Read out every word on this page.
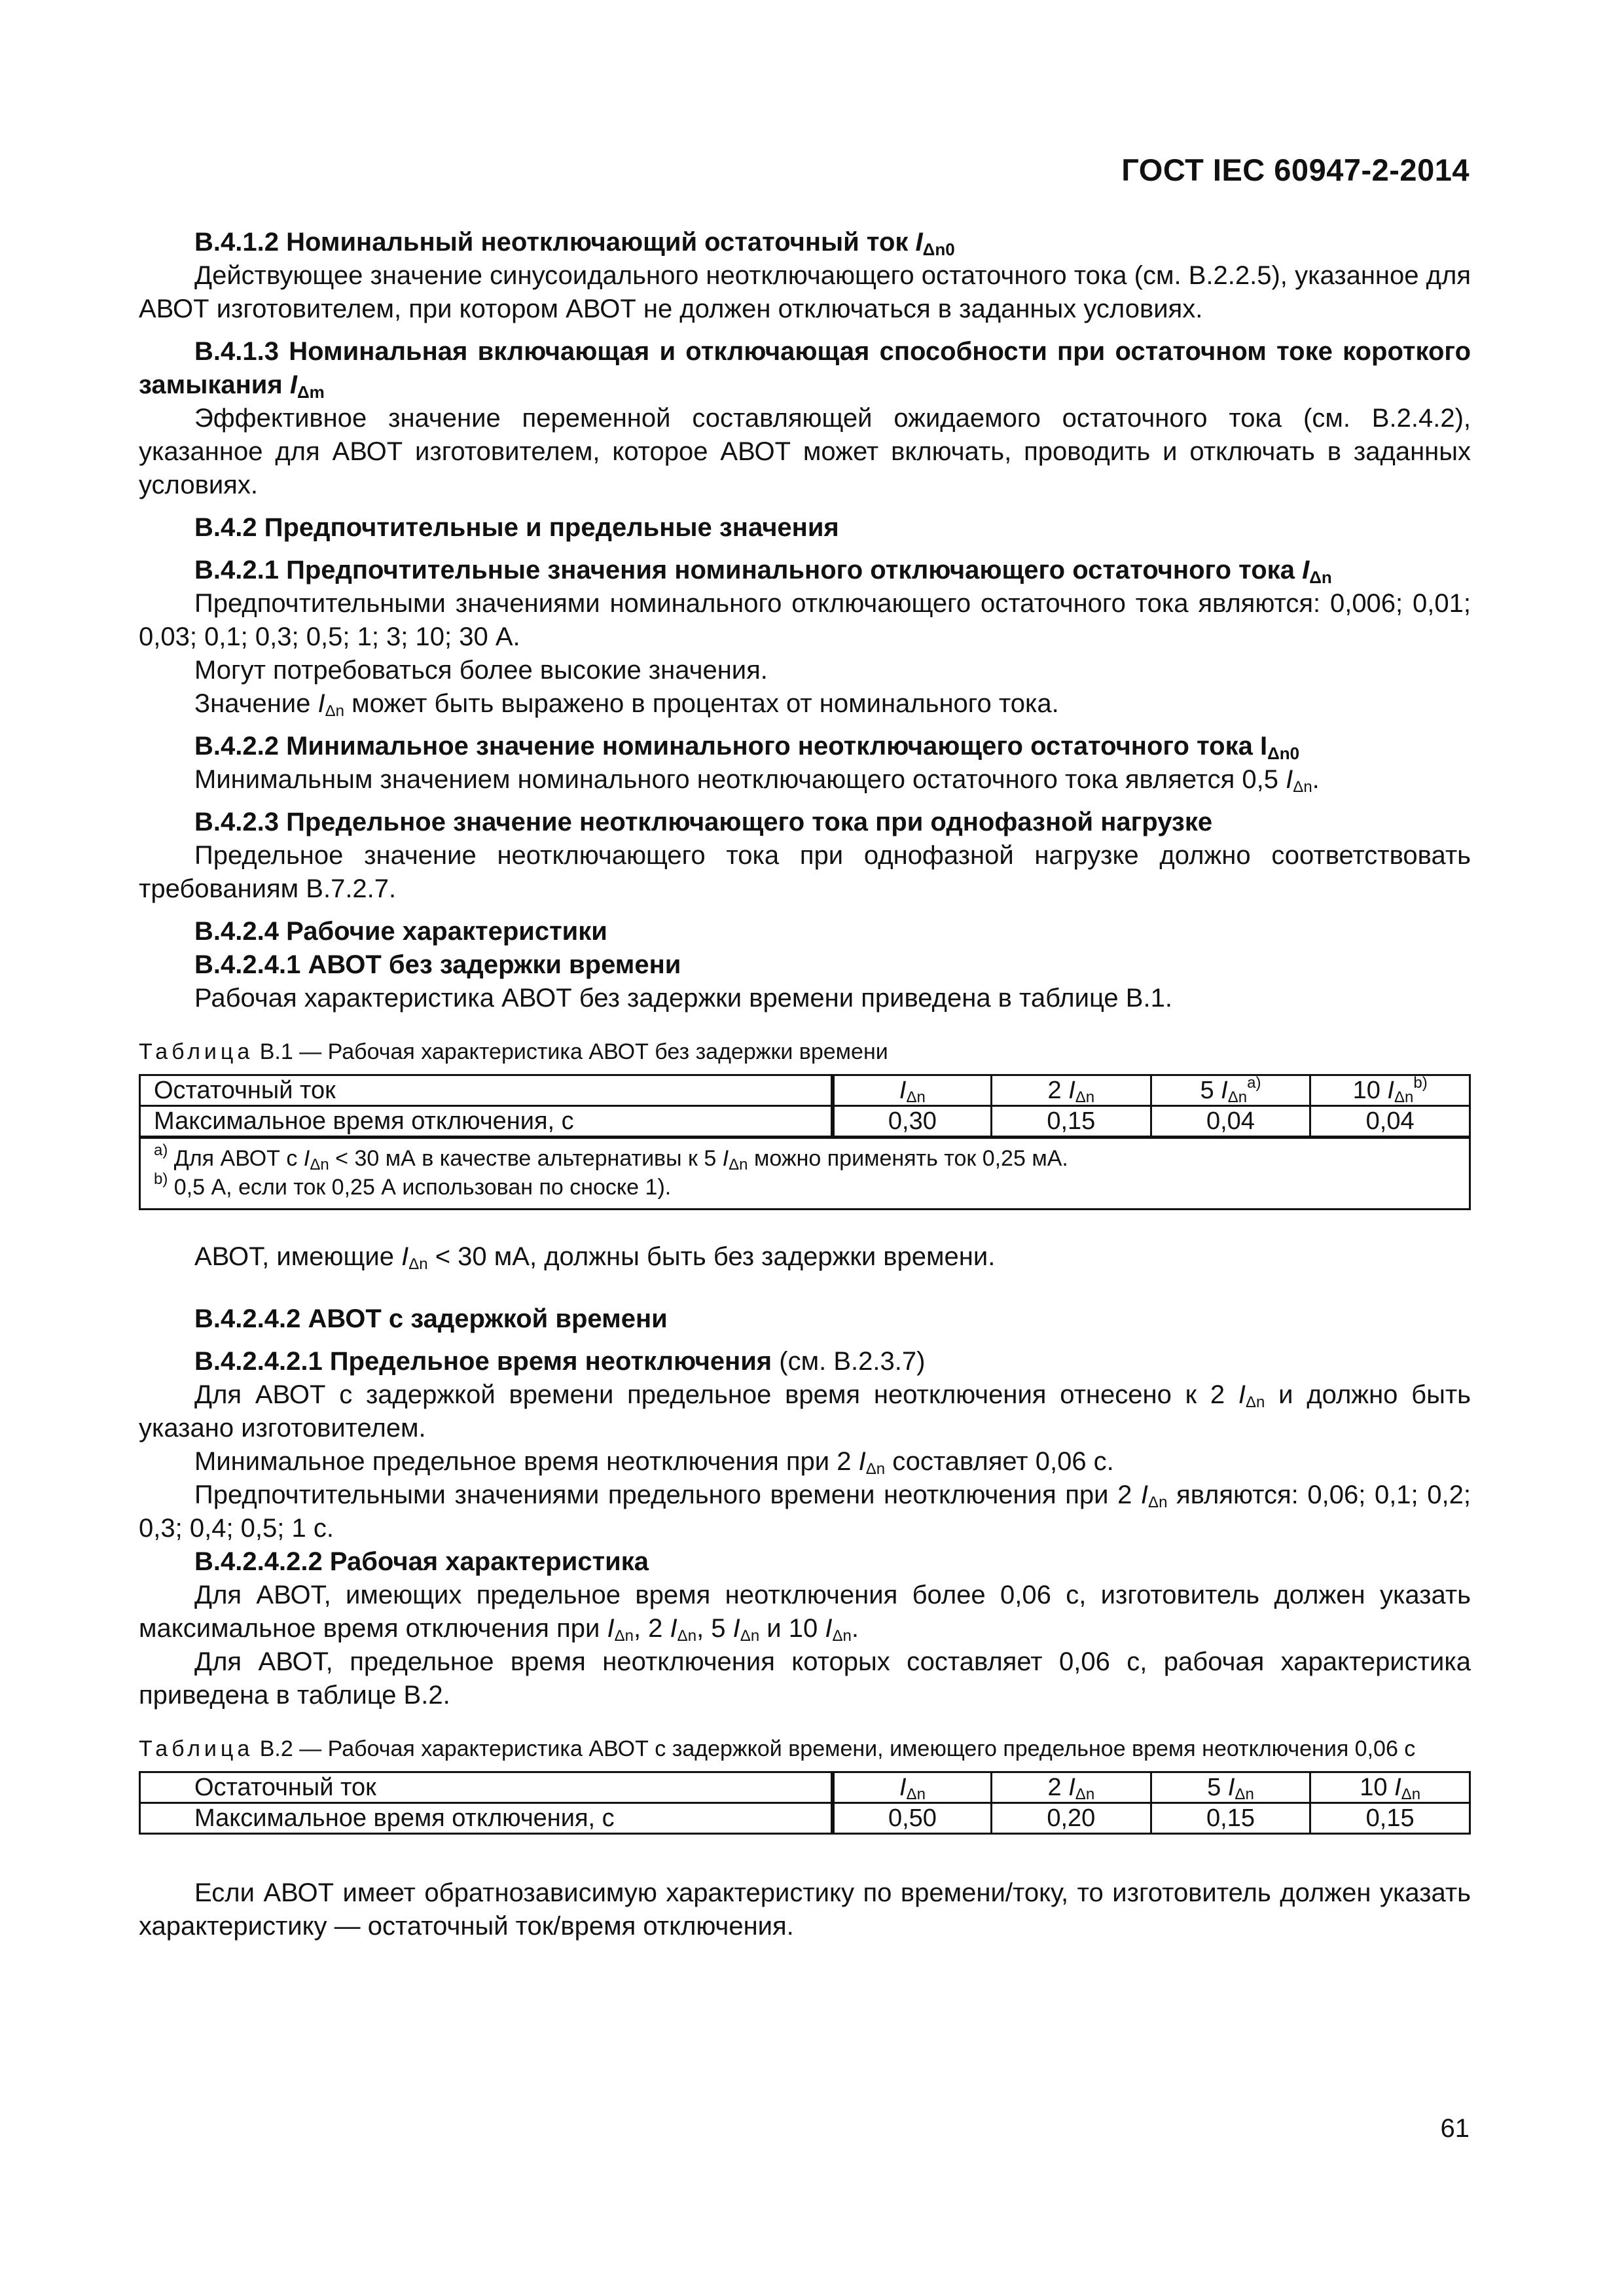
ГОСТ IEC 60947-2-2014

B.4.1.2 Номинальный неотключающий остаточный ток IΔn0

Действующее значение синусоидального неотключающего остаточного тока (см. В.2.2.5), указанное для АВОТ изготовителем, при котором АВОТ не должен отключаться в заданных условиях.

B.4.1.3 Номинальная включающая и отключающая способности при остаточном токе короткого замыкания IΔm

Эффективное значение переменной составляющей ожидаемого остаточного тока (см. В.2.4.2), указанное для АВОТ изготовителем, которое АВОТ может включать, проводить и отключать в заданных условиях.

B.4.2 Предпочтительные и предельные значения

B.4.2.1 Предпочтительные значения номинального отключающего остаточного тока IΔn

Предпочтительными значениями номинального отключающего остаточного тока являются: 0,006; 0,01; 0,03; 0,1; 0,3; 0,5; 1; 3; 10; 30 А.

Могут потребоваться более высокие значения.

Значение $I_{\Delta n}$ может быть выражено в процентах от номинального тока.

B.4.2.2 Минимальное значение номинального неотключающего остаточного тока IΔn0

Минимальным значением номинального неотключающего остаточного тока является 0,5 $I_{\Delta n}$.

B.4.2.3 Предельное значение неотключающего тока при однофазной нагрузке

Предельное значение неотключающего тока при однофазной нагрузке должно соответствовать требованиям В.7.2.7.

B.4.2.4 Рабочие характеристики

B.4.2.4.1 АВОТ без задержки времени

Рабочая характеристика АВОТ без задержки времени приведена в таблице В.1.

Таблица В.1 — Рабочая характеристика АВОТ без задержки времени

Остаточный ток	$I_{\Delta n}$	2 $I_{\Delta n}$	5 $I_{\Delta n}^{a)}$	10 $I_{\Delta n}^{b)}$
Максимальное время отключения, с	0,30	0,15	0,04	0,04

$^{a)}$ Для АВОТ с $I_{\Delta n} < 30$ мА в качестве альтернативы к 5 $I_{\Delta n}$ можно применять ток 0,25 мА.
$^{b)}$ 0,5 А, если ток 0,25 А использован по сноске 1).				

АВОТ, имеющие $I_{\Delta n} < 30$ мА, должны быть без задержки времени.

B.4.2.4.2 АВОТ с задержкой времени

B.4.2.4.2.1 Предельное время неотключения (см. В.2.3.7)

Для АВОТ с задержкой времени предельное время неотключения отнесено к 2 $I_{\Delta n}$ и должно быть указано изготовителем.

Минимальное предельное время неотключения при 2 $I_{\Delta n}$ составляет 0,06 с.

Предпочтительными значениями предельного времени неотключения при 2 $I_{\Delta n}$ являются: 0,06; 0,1; 0,2; 0,3; 0,4; 0,5; 1 с.

B.4.2.4.2.2 Рабочая характеристика

Для АВОТ, имеющих предельное время неотключения более 0,06 с, изготовитель должен указать максимальное время отключения при $I_{\Delta n}$, 2 $I_{\Delta n}$, 5 $I_{\Delta n}$ и 10 $I_{\Delta n}$.

Для АВОТ, предельное время неотключения которых составляет 0,06 с, рабочая характеристика приведена в таблице В.2.

Таблица В.2 — Рабочая характеристика АВОТ с задержкой времени, имеющего предельное время неотключения 0,06 с

Остаточный ток	$I_{\Delta n}$	2 $I_{\Delta n}$	5 $I_{\Delta n}$	10 $I_{\Delta n}$
Максимальное время отключения, с	0,50	0,20	0,15	0,15

Если АВОТ имеет обратнозависимую характеристику по времени/току, то изготовитель должен указать характеристику — остаточный ток/время отключения.

61
